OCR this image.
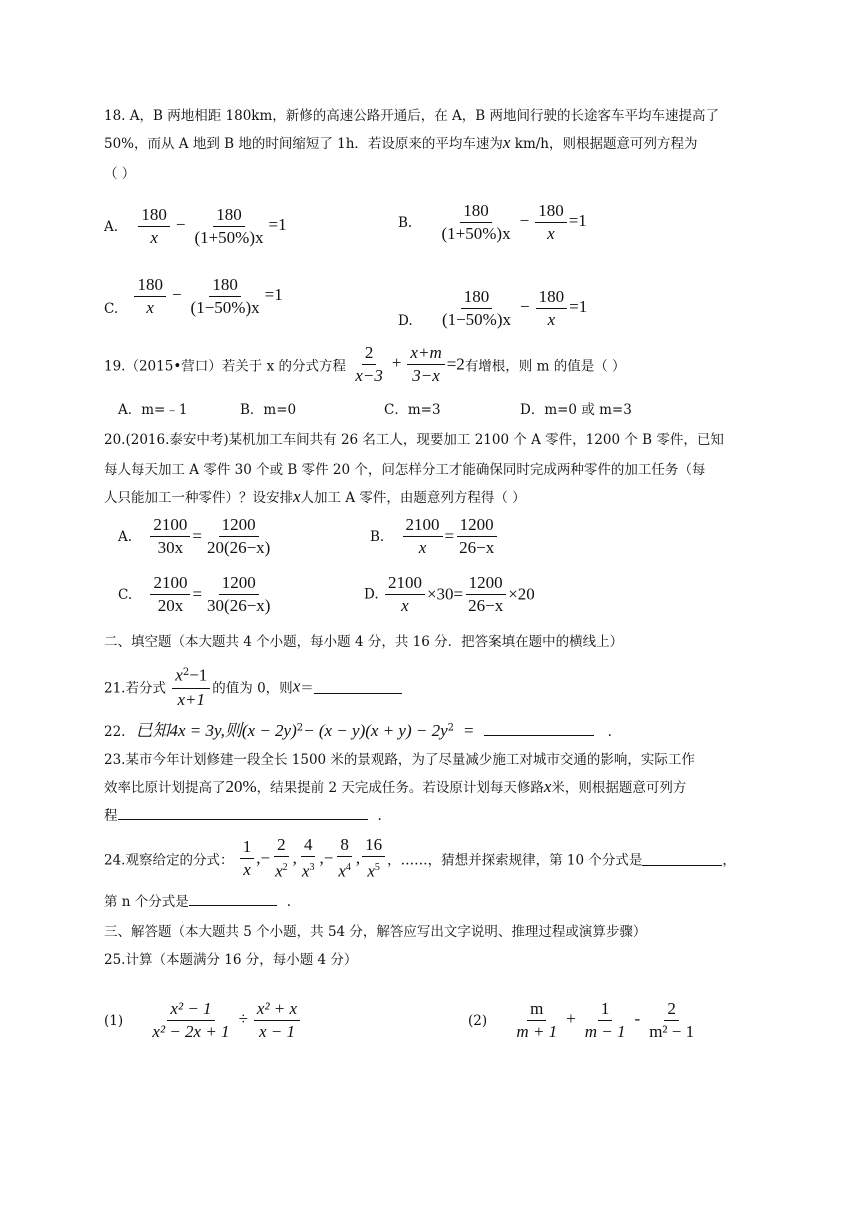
18. A，B 两地相距 180km，新修的高速公路开通后，在 A，B 两地间行驶的长途客车平均车速提高了
50%，而从 A 地到 B 地的时间缩短了 1h．若设原来的平均车速为x km/h，则根据题意可列方程为
（ ）
A. $\frac{180}{x} - \frac{180}{(1+50\%)x} =1$	B. $\frac{180}{(1+50\%)x} - \frac{180}{x} =1$
C. $\frac{180}{x} - \frac{180}{(1-50\%)x} =1$
D. $\frac{180}{(1-50\%)x} - \frac{180}{x} =1$
19.（2015•营口）若关于 x 的分式方程 $\frac{2}{x-3} + \frac{x+m}{3-x} =2$有增根，则 m 的值是（ ）
A．m=﹣1	B．m=0	C．m=3	D．m=0 或 m=3
20.(2016.泰安中考)某机加工车间共有 26 名工人，现要加工 2100 个 A 零件，1200 个 B 零件，已知
每人每天加工 A 零件 30 个或 B 零件 20 个，问怎样分工才能确保同时完成两种零件的加工任务（每
人只能加工一种零件）？设安排x人加工 A 零件，由题意列方程得（ ）
A. $\frac{2100}{30x} = \frac{1200}{20(26-x)}$	B. $\frac{2100}{x} = \frac{1200}{26-x}$
C. $\frac{2100}{20x} = \frac{1200}{30(26-x)}$	D. $\frac{2100}{x} \times 30= \frac{1200}{26-x} \times 20$
二、填空题（本大题共 4 个小题，每小题 4 分，共 16 分．把答案填在题中的横线上）
21.若分式 $\frac{x^2-1}{x+1}$ 的值为 0，则x＝
22. 已知4x = 3y,则$(x - 2y)^2- (x - y)(x + y) - 2y^2$ =	.
23.某市今年计划修建一段全长 1500 米的景观路，为了尽量减少施工对城市交通的影响，实际工作
效率比原计划提高了20%，结果提前 2 天完成任务。若设原计划每天修路x米，则根据题意可列方
程	.
24.观察给定的分式： $\frac{1}{x}$ ,− $\frac{2}{x^2}$ , $\frac{4}{x^3}$ ,− $\frac{8}{x^4}$ , $\frac{16}{x^5}$ ，……，猜想并探索规律，第 10 个分式是	，
第 n 个分式是	.
三、解答题（本大题共 5 个小题，共 54 分，解答应写出文字说明、推理过程或演算步骤）
25.计算（本题满分 16 分，每小题 4 分）
$(1) \frac{\text{x² − 1}}{\text{x² − 2x + 1}} \div \frac{\text{x² + x}}{x - 1}$	$(2) \frac{m}{m + 1} + \frac{1}{m - 1} - \frac{2}{\text{m² − 1}}$
